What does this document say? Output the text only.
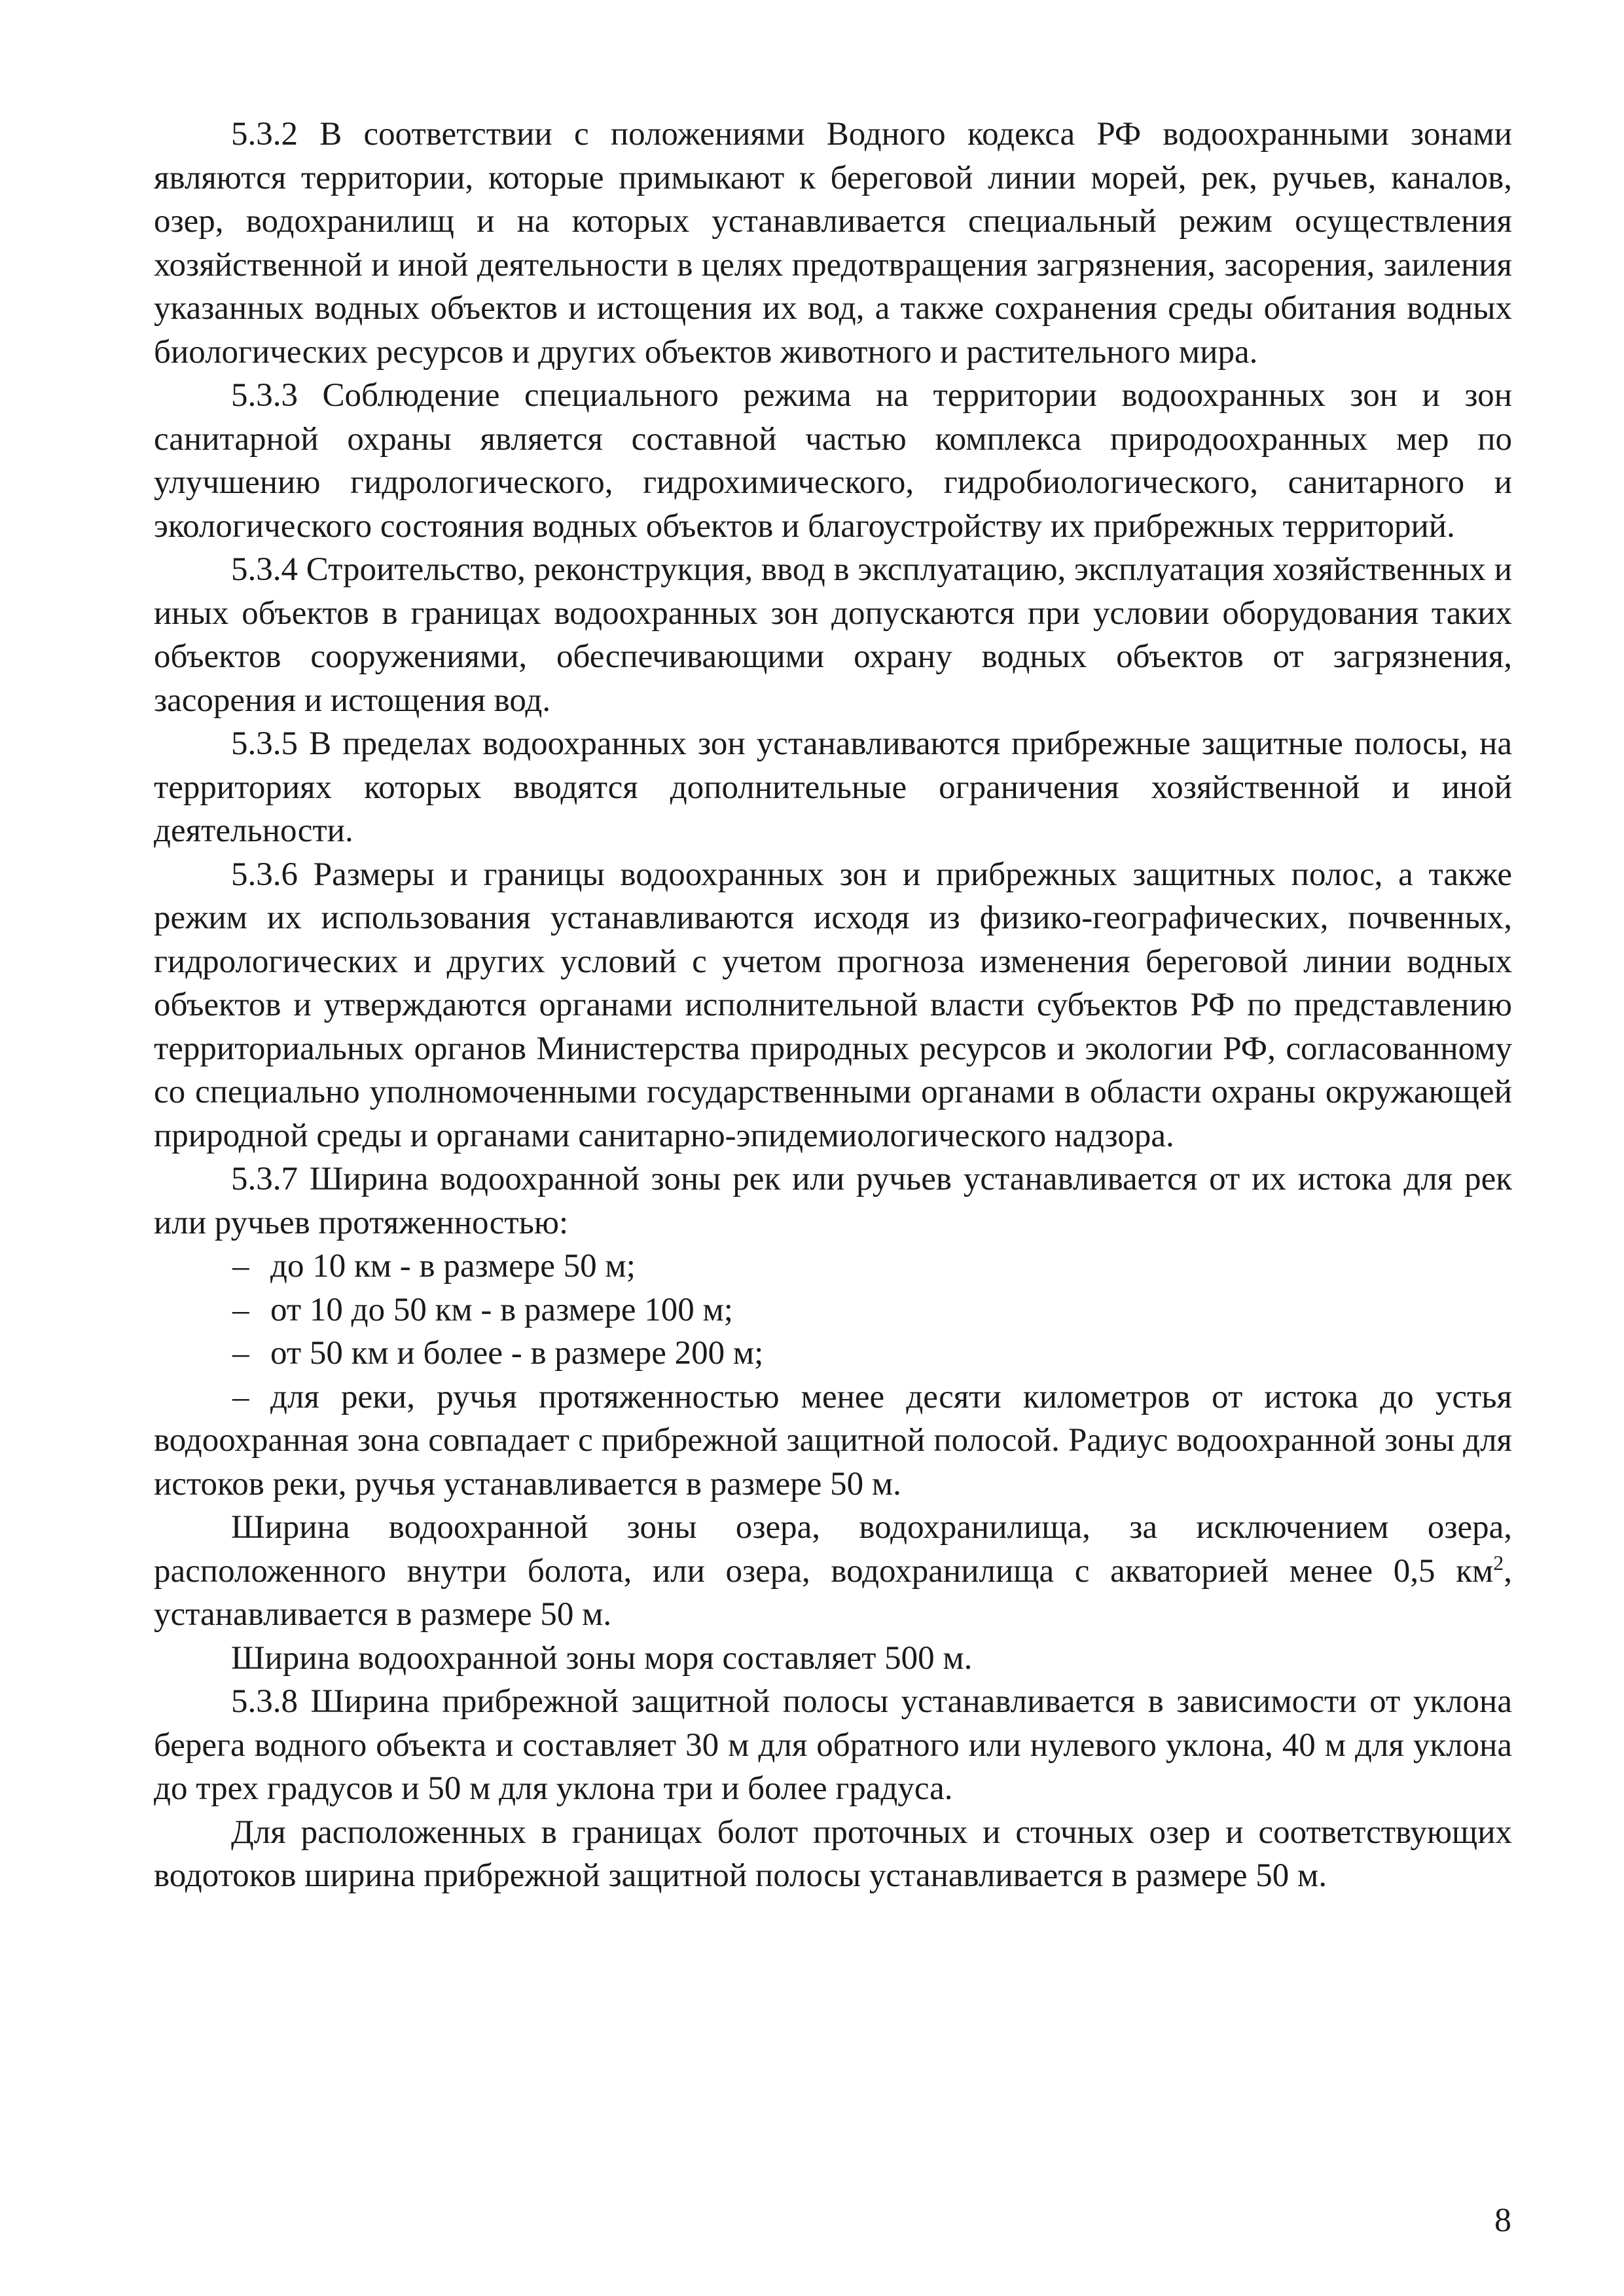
5.3.2 В соответствии с положениями Водного кодекса РФ водоохранными зонами являются территории, которые примыкают к береговой линии морей, рек, ручьев, каналов, озер, водохранилищ и на которых устанавливается специальный режим осуществления хозяйственной и иной деятельности в целях предотвращения загрязнения, засорения, заиления указанных водных объектов и истощения их вод, а также сохранения среды обитания водных биологических ресурсов и других объектов животного и растительного мира.

5.3.3 Соблюдение специального режима на территории водоохранных зон и зон санитарной охраны является составной частью комплекса природоохранных мер по улучшению гидрологического, гидрохимического, гидробиологического, санитарного и экологического состояния водных объектов и благоустройству их прибрежных территорий.

5.3.4 Строительство, реконструкция, ввод в эксплуатацию, эксплуатация хозяйственных и иных объектов в границах водоохранных зон допускаются при условии оборудования таких объектов сооружениями, обеспечивающими охрану водных объектов от загрязнения, засорения и истощения вод.

5.3.5 В пределах водоохранных зон устанавливаются прибрежные защитные полосы, на территориях которых вводятся дополнительные ограничения хозяйственной и иной деятельности.

5.3.6 Размеры и границы водоохранных зон и прибрежных защитных полос, а также режим их использования устанавливаются исходя из физико-географических, почвенных, гидрологических и других условий с учетом прогноза изменения береговой линии водных объектов и утверждаются органами исполнительной власти субъектов РФ по представлению территориальных органов Министерства природных ресурсов и экологии РФ, согласованному со специально уполномоченными государственными органами в области охраны окружающей природной среды и органами санитарно-эпидемиологического надзора.

5.3.7 Ширина водоохранной зоны рек или ручьев устанавливается от их истока для рек или ручьев протяженностью:

– до 10 км - в размере 50 м;

– от 10 до 50 км - в размере 100 м;

– от 50 км и более - в размере 200 м;

– для реки, ручья протяженностью менее десяти километров от истока до устья водоохранная зона совпадает с прибрежной защитной полосой. Радиус водоохранной зоны для истоков реки, ручья устанавливается в размере 50 м.

Ширина водоохранной зоны озера, водохранилища, за исключением озера, расположенного внутри болота, или озера, водохранилища с акваторией менее 0,5 $км^2$, устанавливается в размере 50 м.

Ширина водоохранной зоны моря составляет 500 м.

5.3.8 Ширина прибрежной защитной полосы устанавливается в зависимости от уклона берега водного объекта и составляет 30 м для обратного или нулевого уклона, 40 м для уклона до трех градусов и 50 м для уклона три и более градуса.

Для расположенных в границах болот проточных и сточных озер и соответствующих водотоков ширина прибрежной защитной полосы устанавливается в размере 50 м.

8
